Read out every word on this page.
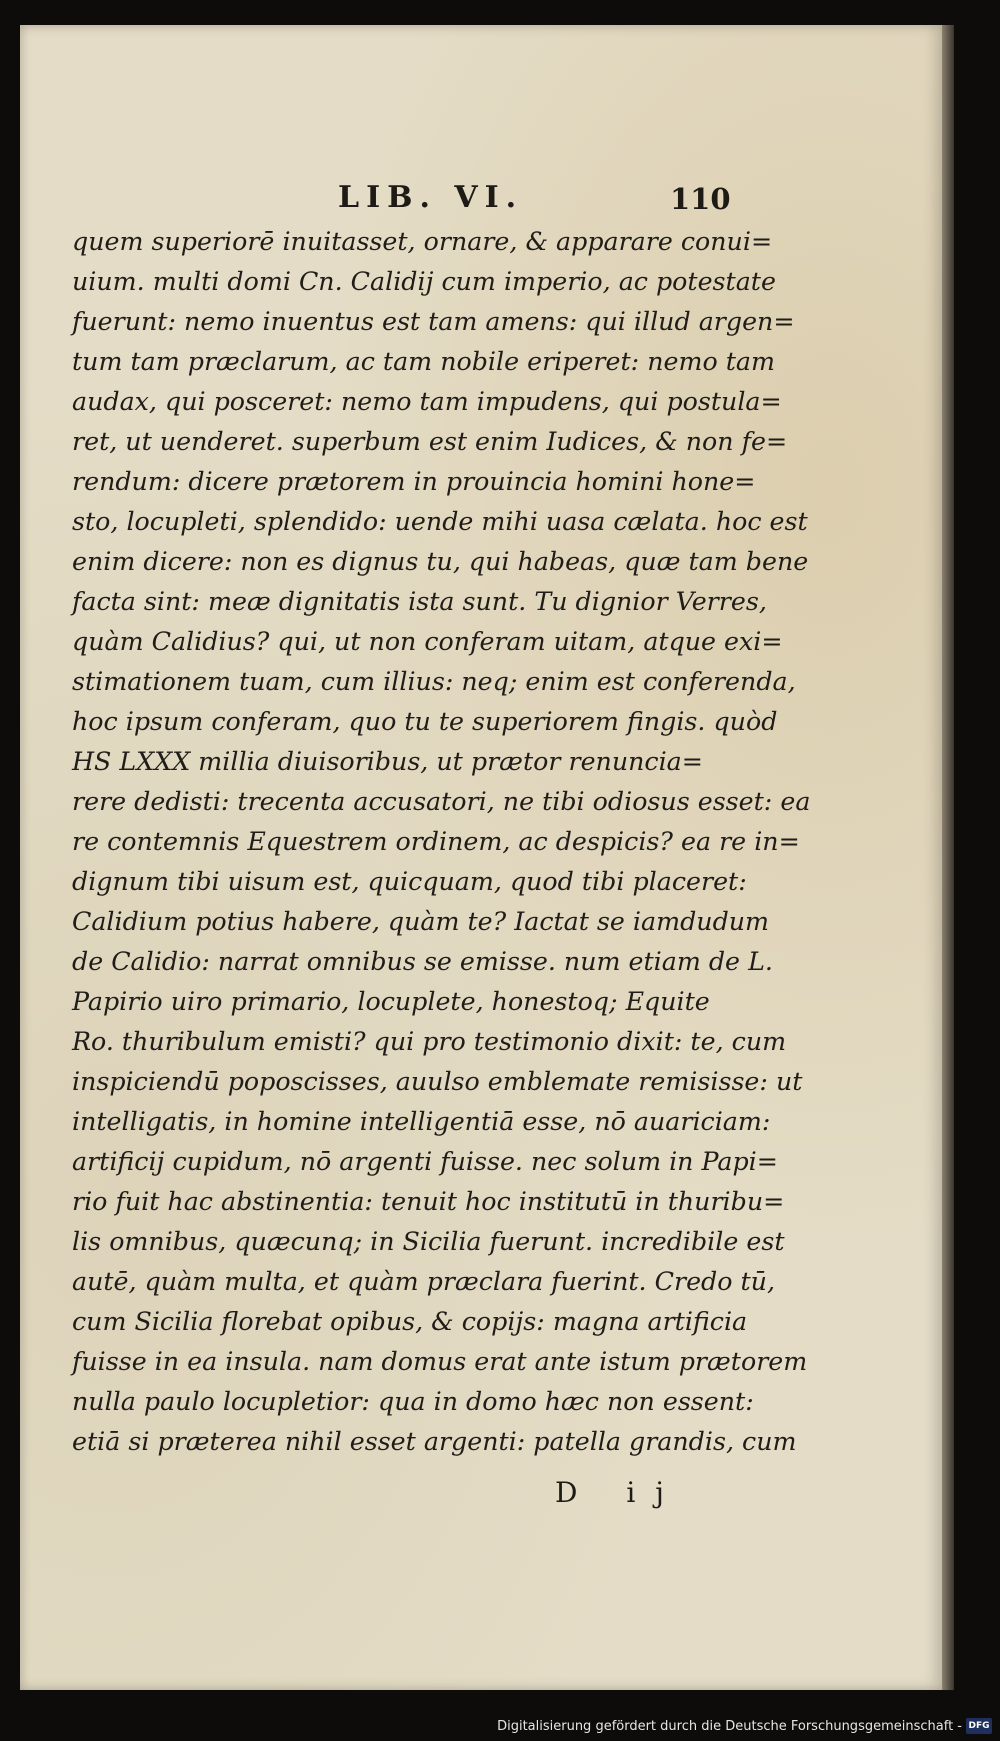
LIB. VI.	110
quem superiorē inuitasset, ornare, & apparare conui=
uium. multi domi Cn. Calidij cum imperio, ac potestate
fuerunt: nemo inuentus est tam amens: qui illud argen=
tum tam præclarum, ac tam nobile eriperet: nemo tam
audax, qui posceret: nemo tam impudens, qui postula=
ret, ut uenderet. superbum est enim Iudices, & non fe=
rendum: dicere prætorem in prouincia homini hone=
sto, locupleti, splendido: uende mihi uasa cælata. hoc est
enim dicere: non es dignus tu, qui habeas, quæ tam bene
facta sint: meæ dignitatis ista sunt. Tu dignior Verres,
quàm Calidius? qui, ut non conferam uitam, atque exi=
stimationem tuam, cum illius: neq; enim est conferenda,
hoc ipsum conferam, quo tu te superiorem fingis. quòd
HS LXXX millia diuisoribus, ut prætor renuncia=
rere dedisti: trecenta accusatori, ne tibi odiosus esset: ea
re contemnis Equestrem ordinem, ac despicis? ea re in=
dignum tibi uisum est, quicquam, quod tibi placeret:
Calidium potius habere, quàm te? Iactat se iamdudum
de Calidio: narrat omnibus se emisse. num etiam de L.
Papirio uiro primario, locuplete, honestoq; Equite
Ro. thuribulum emisti? qui pro testimonio dixit: te, cum
inspiciendū poposcisses, auulso emblemate remisisse: ut
intelligatis, in homine intelligentiā esse, nō auariciam:
artificij cupidum, nō argenti fuisse. nec solum in Papi=
rio fuit hac abstinentia: tenuit hoc institutū in thuribu=
lis omnibus, quæcunq; in Sicilia fuerunt. incredibile est
autē, quàm multa, et quàm præclara fuerint. Credo tū,
cum Sicilia florebat opibus, & copijs: magna artificia
fuisse in ea insula. nam domus erat ante istum prætorem
nulla paulo locupletior: qua in domo hæc non essent:
etiā si præterea nihil esset argenti: patella grandis, cum
D ij
Digitalisierung gefördert durch die Deutsche Forschungsgemeinschaft - DFG
